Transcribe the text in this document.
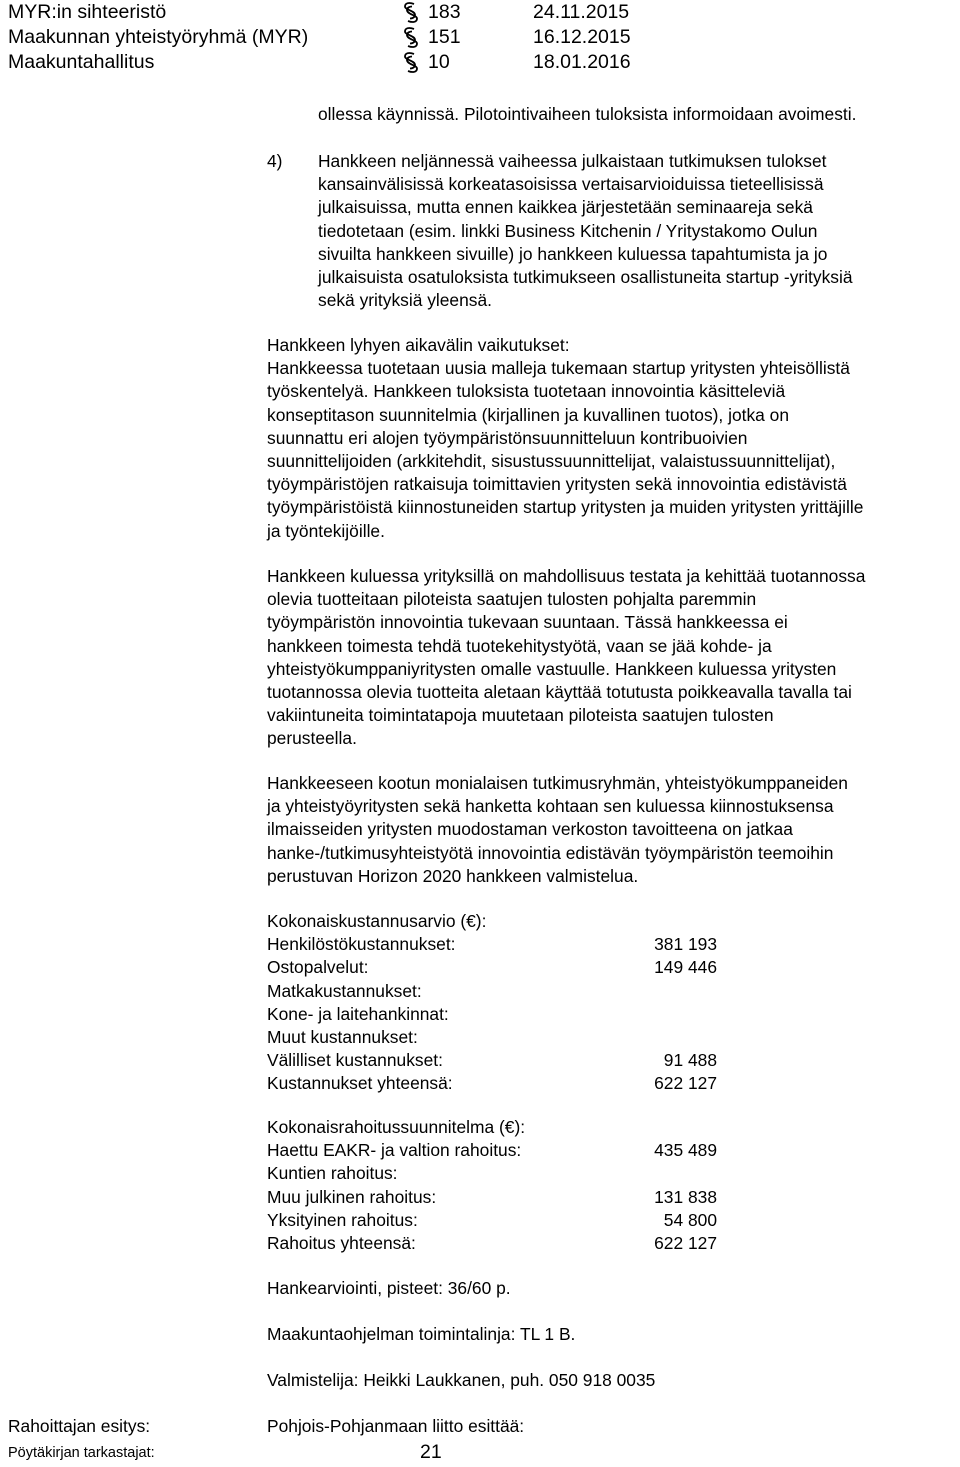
MYR:in sihteeristö	183	24.11.2015
Maakunnan yhteistyöryhmä (MYR)	151	16.12.2015
Maakuntahallitus	10	18.01.2016
ollessa käynnissä. Pilotointivaiheen tuloksista informoidaan avoimesti.
4) Hankkeen neljännessä vaiheessa julkaistaan tutkimuksen tulokset
kansainvälisissä korkeatasoisissa vertaisarvioiduissa tieteellisissä
julkaisuissa, mutta ennen kaikkea järjestetään seminaareja sekä
tiedotetaan (esim. linkki Business Kitchenin / Yritystakomo Oulun
sivuilta hankkeen sivuille) jo hankkeen kuluessa tapahtumista ja jo
julkaisuista osatuloksista tutkimukseen osallistuneita startup -yrityksiä
sekä yrityksiä yleensä.
Hankkeen lyhyen aikavälin vaikutukset:
Hankkeessa tuotetaan uusia malleja tukemaan startup yritysten yhteisöllistä
työskentelyä. Hankkeen tuloksista tuotetaan innovointia käsitteleviä
konseptitason suunnitelmia (kirjallinen ja kuvallinen tuotos), jotka on
suunnattu eri alojen työympäristönsuunnitteluun kontribuoivien
suunnittelijoiden (arkkitehdit, sisustussuunnittelijat, valaistussuunnittelijat),
työympäristöjen ratkaisuja toimittavien yritysten sekä innovointia edistävistä
työympäristöistä kiinnostuneiden startup yritysten ja muiden yritysten yrittäjille
ja työntekijöille.
Hankkeen kuluessa yrityksillä on mahdollisuus testata ja kehittää tuotannossa
olevia tuotteitaan piloteista saatujen tulosten pohjalta paremmin
työympäristön innovointia tukevaan suuntaan. Tässä hankkeessa ei
hankkeen toimesta tehdä tuotekehitystyötä, vaan se jää kohde- ja
yhteistyökumppaniyritysten omalle vastuulle. Hankkeen kuluessa yritysten
tuotannossa olevia tuotteita aletaan käyttää totutusta poikkeavalla tavalla tai
vakiintuneita toimintatapoja muutetaan piloteista saatujen tulosten
perusteella.
Hankkeeseen kootun monialaisen tutkimusryhmän, yhteistyökumppaneiden
ja yhteistyöyritysten sekä hanketta kohtaan sen kuluessa kiinnostuksensa
ilmaisseiden yritysten muodostaman verkoston tavoitteena on jatkaa
hanke-/tutkimusyhteistyötä innovointia edistävän työympäristön teemoihin
perustuvan Horizon 2020 hankkeen valmistelua.
Kokonaiskustannusarvio (€):
Henkilöstökustannukset:	381 193
Ostopalvelut:	149 446
Matkakustannukset:
Kone- ja laitehankinnat:
Muut kustannukset:
Välilliset kustannukset:	91 488
Kustannukset yhteensä:	622 127
Kokonaisrahoitussuunnitelma (€):
Haettu EAKR- ja valtion rahoitus:	435 489
Kuntien rahoitus:
Muu julkinen rahoitus:	131 838
Yksityinen rahoitus:	54 800
Rahoitus yhteensä:	622 127
Hankearviointi, pisteet: 36/60 p.
Maakuntaohjelman toimintalinja: TL 1 B.
Valmistelija: Heikki Laukkanen, puh. 050 918 0035
Rahoittajan esitys:	Pohjois-Pohjanmaan liitto esittää:
Pöytäkirjan tarkastajat:	21
